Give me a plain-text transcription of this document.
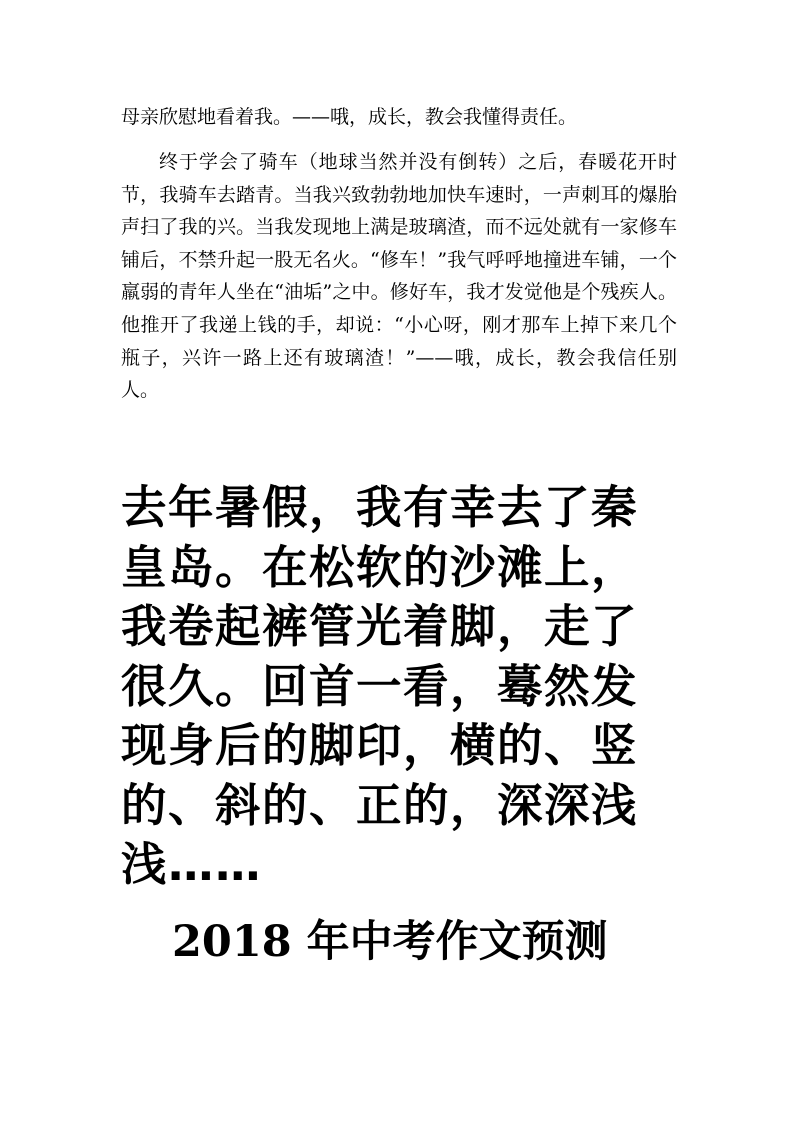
母亲欣慰地看着我。——哦，成长，教会我懂得责任。

终于学会了骑车（地球当然并没有倒转）之后，春暖花开时节，我骑车去踏青。当我兴致勃勃地加快车速时，一声刺耳的爆胎声扫了我的兴。当我发现地上满是玻璃渣，而不远处就有一家修车铺后，不禁升起一股无名火。“修车！”我气呼呼地撞进车铺，一个羸弱的青年人坐在“油垢”之中。修好车，我才发觉他是个残疾人。他推开了我递上钱的手，却说：“小心呀，刚才那车上掉下来几个瓶子，兴许一路上还有玻璃渣！”——哦，成长，教会我信任别人。

去年暑假，我有幸去了秦皇岛。在松软的沙滩上，我卷起裤管光着脚，走了很久。回首一看，蓦然发现身后的脚印，横的、竖的、斜的、正的，深深浅浅……

2018 年中考作文预测
